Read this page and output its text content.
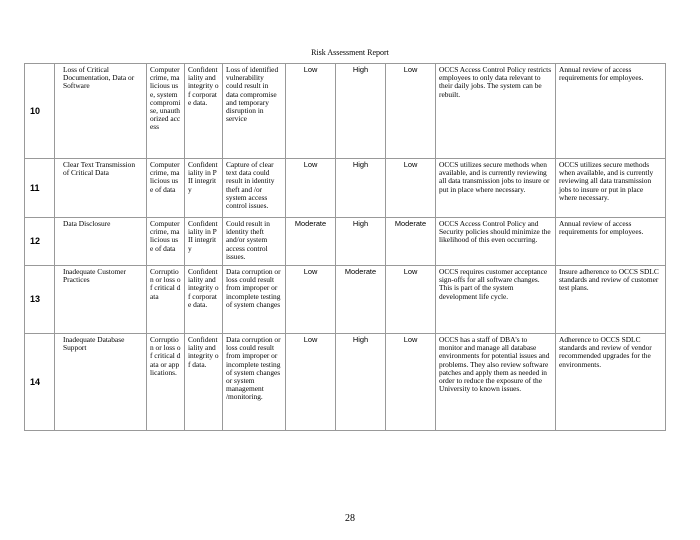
Risk Assessment Report
10	Loss of Critical Documentation, Data or Software	Computer crime, malicious use, system compromise, unauthorized access	Confidentiality and integrity of corporate data.	Loss of identified vulnerability could result in data compromise and temporary disruption in service	Low	High	Low	OCCS Access Control Policy restricts employees to only data relevant to their daily jobs. The system can be rebuilt.	Annual review of access requirements for employees.
11	Clear Text Transmission of Critical Data	Computer crime, malicious use of data	Confidentiality in PII integrity	Capture of clear text data could result in identity theft and /or system access control issues.	Low	High	Low	OCCS utilizes secure methods when available, and is currently reviewing all data transmission jobs to insure or put in place where necessary.	OCCS utilizes secure methods when available, and is currently reviewing all data transmission jobs to insure or put in place where necessary.
12	Data Disclosure	Computer crime, malicious use of data	Confidentiality in PII integrity	Could result in identity theft and/or system access control issues.	Moderate	High	Moderate	OCCS Access Control Policy and Security policies should minimize the likelihood of this even occurring.	Annual review of access requirements for employees.
13	Inadequate Customer Practices	Corruption or loss of critical data	Confidentiality and integrity of corporate data.	Data corruption or loss could result from improper or incomplete testing of system changes	Low	Moderate	Low	OCCS requires customer acceptance sign-offs for all software changes. This is part of the system development life cycle.	Insure adherence to OCCS SDLC standards and review of customer test plans.
14	Inadequate Database Support	Corruption or loss of critical data or applications.	Confidentiality and integrity of data.	Data corruption or loss could result from improper or incomplete testing of system changes or system management /monitoring.	Low	High	Low	OCCS has a staff of DBA's to monitor and manage all database environments for potential issues and problems. They also review software patches and apply them as needed in order to reduce the exposure of the University to known issues.	Adherence to OCCS SDLC standards and review of vendor recommended upgrades for the environments.
28
